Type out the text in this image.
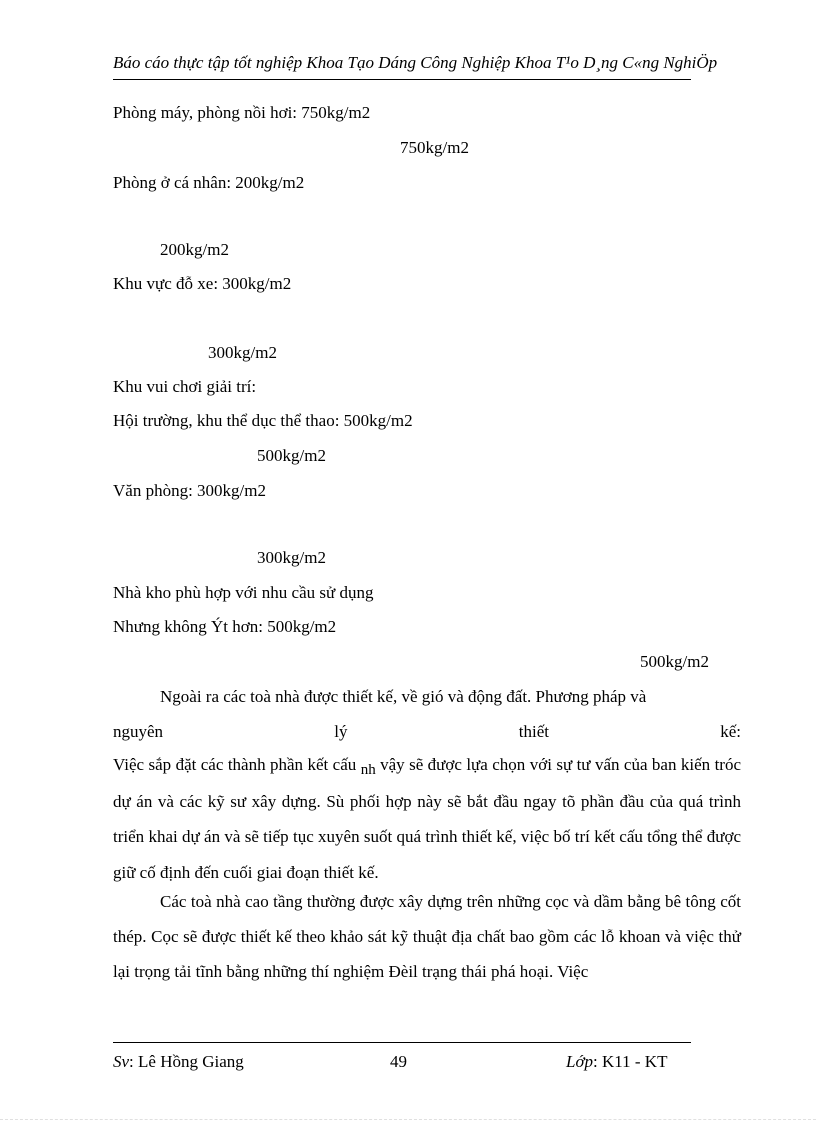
Báo cáo thực tập tốt nghiệp Khoa Tạo Dáng Công Nghiệp Khoa T¹o D¸ng C«ng NghiÖp
Phòng máy, phòng nồi hơi: 750kg/m2
750kg/m2
Phòng ở cá nhân: 200kg/m2
200kg/m2
Khu vực đỗ xe: 300kg/m2
300kg/m2
Khu vui chơi giải trí:
Hội trường, khu thể dục thể thao: 500kg/m2
500kg/m2
Văn phòng: 300kg/m2
300kg/m2
Nhà kho phù hợp với nhu cầu sử dụng
Nhưng không Ýt hơn: 500kg/m2
500kg/m2
Ngoài ra các toà nhà được thiết kế, về gió và động đất. Phương pháp và
nguyên	lý	thiết	kế:
Việc sắp đặt các thành phần kết cấu nh vậy sẽ được lựa chọn với sự tư vấn của ban kiến tróc dự án và các kỹ sư xây dựng. Sù phối hợp này sẽ bắt đầu ngay tõ phần đầu của quá trình triển khai dự án và sẽ tiếp tục xuyên suốt quá trình thiết kế, việc bố trí kết cấu tổng thể được giữ cố định đến cuối giai đoạn thiết kế.
Các toà nhà cao tầng thường được xây dựng trên những cọc và dầm bằng bê tông cốt thép. Cọc sẽ được thiết kế theo khảo sát kỹ thuật địa chất bao gồm các lỗ khoan và việc thử lại trọng tải tĩnh bằng những thí nghiệm Ðèil trạng thái phá hoại. Việc
Sv: Lê Hồng Giang	49	Lớp: K11 - KT
